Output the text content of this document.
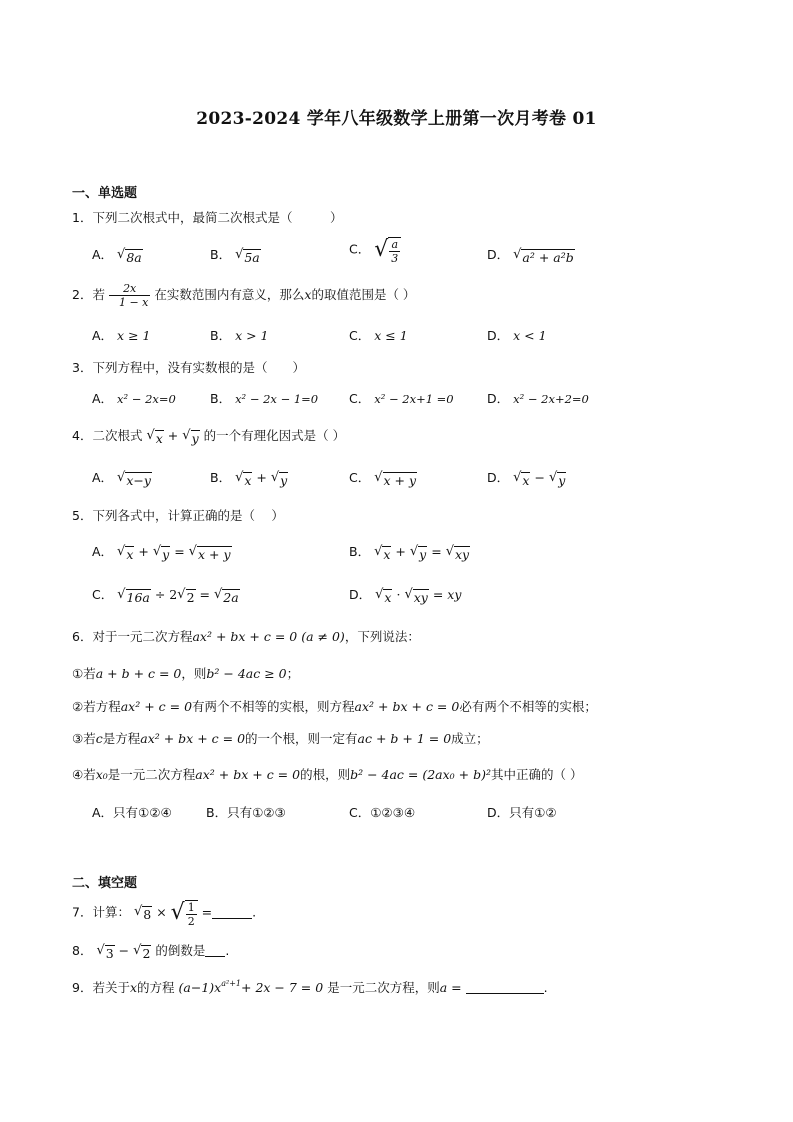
2023-2024 学年八年级数学上册第一次月考卷 01
一、单选题
1．下列二次根式中，最简二次根式是（　　　）
A． √ 8a	B． √ 5a
C． √ $\frac{a}{3}$	D． √ a² + a²b
2．若 $\frac{2x}{1 - x}$ 在实数范围内有意义，那么x的取值范围是（ ）
A． x ≥ 1	B． x > 1	C． x ≤ 1	D． x < 1
3．下列方程中，没有实数根的是（　　）
A． x² − 2x=0	B． x² − 2x − 1=0 C． x² − 2x+1 =0	D． x² − 2x+2=0
4．二次根式 √ x + √ y 的一个有理化因式是（ ）
A． √ x−y	B． √ x + √ y	C． √ x + y	D． √ x − √ y
5．下列各式中，计算正确的是（　 ）
A． √ x + √ y = √ x + y	B． √ x + √ y = √ xy
C． √ 16a ÷ 2 √ 2 = √ 2a	D． √ x · √ xy = xy
6．对于一元二次方程ax² + bx + c = 0 (a ≠ 0)，下列说法：
①若a + b + c = 0，则b² − 4ac ≥ 0；
②若方程ax² + c = 0有两个不相等的实根，则方程ax² + bx + c = 0必有两个不相等的实根；
③若c是方程ax² + bx + c = 0的一个根，则一定有ac + b + 1 = 0成立；
④若x₀是一元二次方程ax² + bx + c = 0的根，则b² − 4ac = (2ax₀ + b)²其中正确的（ ）
A．只有①②④	B．只有①②③	C．①②③④	D．只有①②
二、填空题
7．计算： √ 8 × √ $\frac{1}{2}$ =	.
8． √ 3 − √ 2 的倒数是 .
9．若关于x的方程 $(a-1)x^{a^2+1}+ 2x - 7 = 0$ 是一元二次方程，则a =	.
